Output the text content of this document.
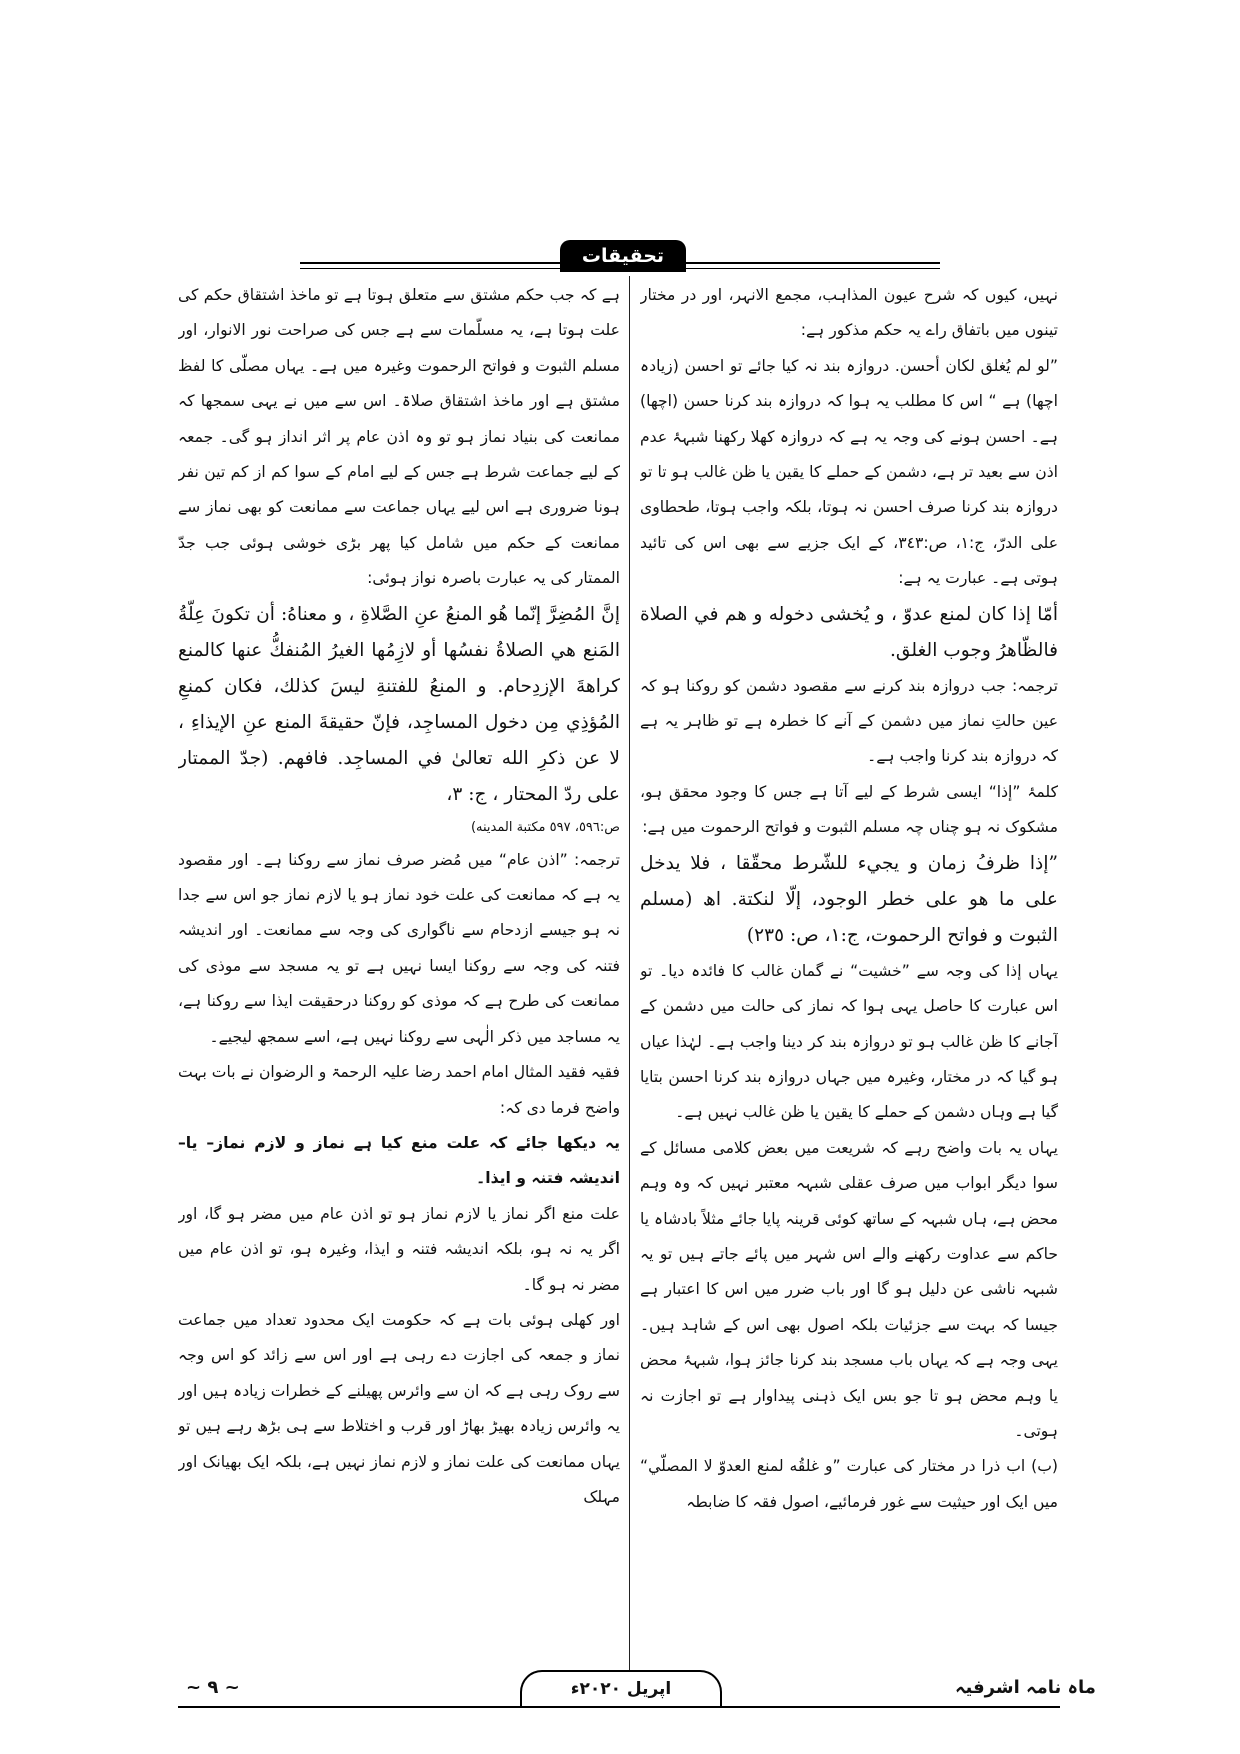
تحقیقات

نہیں، کیوں کہ شرح عیون المذاہب، مجمع الانہر، اور در مختار تینوں میں باتفاق راے یہ حکم مذکور ہے:

”لو لم يُغلق لكان أحسن. دروازہ بند نہ کیا جائے تو احسن (زیادہ اچھا) ہے “ اس کا مطلب یہ ہوا کہ دروازہ بند کرنا حسن (اچھا) ہے۔ احسن ہونے کی وجہ یہ ہے کہ دروازہ کھلا رکھنا شبہۂ عدم اذن سے بعید تر ہے، دشمن کے حملے کا یقین یا ظن غالب ہو تا تو دروازہ بند کرنا صرف احسن نہ ہوتا، بلکہ واجب ہوتا، طحطاوی علی الدرّ، ج:١، ص:٣٤٣، کے ایک جزیے سے بھی اس کی تائید ہوتی ہے۔ عبارت یہ ہے:

أمّا إذا كان لمنع عدوّ ، و يُخشى دخوله و هم في الصلاة فالظّاهرُ وجوب الغلق.

ترجمہ: جب دروازہ بند کرنے سے مقصود دشمن کو روکنا ہو کہ عین حالتِ نماز میں دشمن کے آنے کا خطرہ ہے تو ظاہر یہ ہے کہ دروازہ بند کرنا واجب ہے۔

کلمۂ ”إذا“ ایسی شرط کے لیے آتا ہے جس کا وجود محقق ہو، مشکوک نہ ہو چناں چہ مسلم الثبوت و فواتح الرحموت میں ہے:

”إذا ظرفُ زمان و يجيء للشّرط محقّقا ، فلا يدخل على ما هو على خطر الوجود، إلّا لنكتة. اھ (مسلم الثبوت و فواتح الرحموت، ج:١، ص: ٢٣٥)

یہاں إذا کی وجہ سے ”خشیت“ نے گمان غالب کا فائدہ دیا۔ تو اس عبارت کا حاصل یہی ہوا کہ نماز کی حالت میں دشمن کے آجانے کا ظن غالب ہو تو دروازہ بند کر دینا واجب ہے۔ لہٰذا عیاں ہو گیا کہ در مختار، وغیرہ میں جہاں دروازہ بند کرنا احسن بتایا گیا ہے وہاں دشمن کے حملے کا یقین یا ظن غالب نہیں ہے۔

یہاں یہ بات واضح رہے کہ شریعت میں بعض کلامی مسائل کے سوا دیگر ابواب میں صرف عقلی شبہہ معتبر نہیں کہ وہ وہم محض ہے، ہاں شبہہ کے ساتھ کوئی قرینہ پایا جائے مثلاً بادشاہ یا حاکم سے عداوت رکھنے والے اس شہر میں پائے جاتے ہیں تو یہ شبہہ ناشی عن دلیل ہو گا اور باب ضرر میں اس کا اعتبار ہے جیسا کہ بہت سے جزئیات بلکہ اصول بھی اس کے شاہد ہیں۔ یہی وجہ ہے کہ یہاں باب مسجد بند کرنا جائز ہوا، شبہۂ محض یا وہم محض ہو تا جو بس ایک ذہنی پیداوار ہے تو اجازت نہ ہوتی۔

(ب) اب ذرا در مختار کی عبارت ”و غلقُه لمنع العدوّ لا المصلّي“ میں ایک اور حیثیت سے غور فرمائیے، اصول فقہ کا ضابطہ

ہے کہ جب حکم مشتق سے متعلق ہوتا ہے تو ماخذ اشتقاق حکم کی علت ہوتا ہے، یہ مسلّمات سے ہے جس کی صراحت نور الانوار، اور مسلم الثبوت و فواتح الرحموت وغیرہ میں ہے۔ یہاں مصلّی کا لفظ مشتق ہے اور ماخذ اشتقاق صلاۃ۔ اس سے میں نے یہی سمجھا کہ ممانعت کی بنیاد نماز ہو تو وہ اذن عام پر اثر انداز ہو گی۔ جمعہ کے لیے جماعت شرط ہے جس کے لیے امام کے سوا کم از کم تین نفر ہونا ضروری ہے اس لیے یہاں جماعت سے ممانعت کو بھی نماز سے ممانعت کے حکم میں شامل کیا پھر بڑی خوشی ہوئی جب جدّ الممتار کی یہ عبارت باصرہ نواز ہوئی:

إنَّ المُضِرَّ إنّما هُو المنعُ عنِ الصَّلاةِ ، و معناهُ: أن تكونَ عِلّةُ المَنع هي الصلاةُ نفسُها أو لازِمُها الغيرُ المُنفكُّ عنها كالمنع كراهةَ الإزدِحام. و المنعُ للفتنةِ ليسَ كذلك، فكان كمنعِ المُؤذِي مِن دخول المساجِد، فإنّ حقيقةَ المنع عنِ الإيذاءِ ، لا عن ذكرِ الله تعالىٰ في المساجِد. فافهم. (جدّ الممتار على ردّ المحتار ، ج: ٣،

ص:٥٩٦، ٥٩٧ مكتبة المدينه)

ترجمہ: ”اذن عام“ میں مُضر صرف نماز سے روکنا ہے۔ اور مقصود یہ ہے کہ ممانعت کی علت خود نماز ہو یا لازم نماز جو اس سے جدا نہ ہو جیسے ازدحام سے ناگواری کی وجہ سے ممانعت۔ اور اندیشہ فتنہ کی وجہ سے روکنا ایسا نہیں ہے تو یہ مسجد سے موذی کی ممانعت کی طرح ہے کہ موذی کو روکنا درحقیقت ایذا سے روکنا ہے، یہ مساجد میں ذکر الٰہی سے روکنا نہیں ہے، اسے سمجھ لیجیے۔

فقیہ فقید المثال امام احمد رضا علیہ الرحمۃ و الرضوان نے بات بہت واضح فرما دی کہ:

یہ دیکھا جائے کہ علت منع کیا ہے نماز و لازم نماز– یا– اندیشہ فتنہ و ایذا۔

علت منع اگر نماز یا لازم نماز ہو تو اذن عام میں مضر ہو گا، اور اگر یہ نہ ہو، بلکہ اندیشہ فتنہ و ایذا، وغیرہ ہو، تو اذن عام میں مضر نہ ہو گا۔

اور کھلی ہوئی بات ہے کہ حکومت ایک محدود تعداد میں جماعت نماز و جمعہ کی اجازت دے رہی ہے اور اس سے زائد کو اس وجہ سے روک رہی ہے کہ ان سے وائرس پھیلنے کے خطرات زیادہ ہیں اور یہ وائرس زیادہ بھیڑ بھاڑ اور قرب و اختلاط سے ہی بڑھ رہے ہیں تو یہاں ممانعت کی علت نماز و لازم نماز نہیں ہے، بلکہ ایک بھیانک اور مہلک

~ ٩ ~	اپریل ۲۰۲۰ء	ماہ نامہ اشرفیہ
